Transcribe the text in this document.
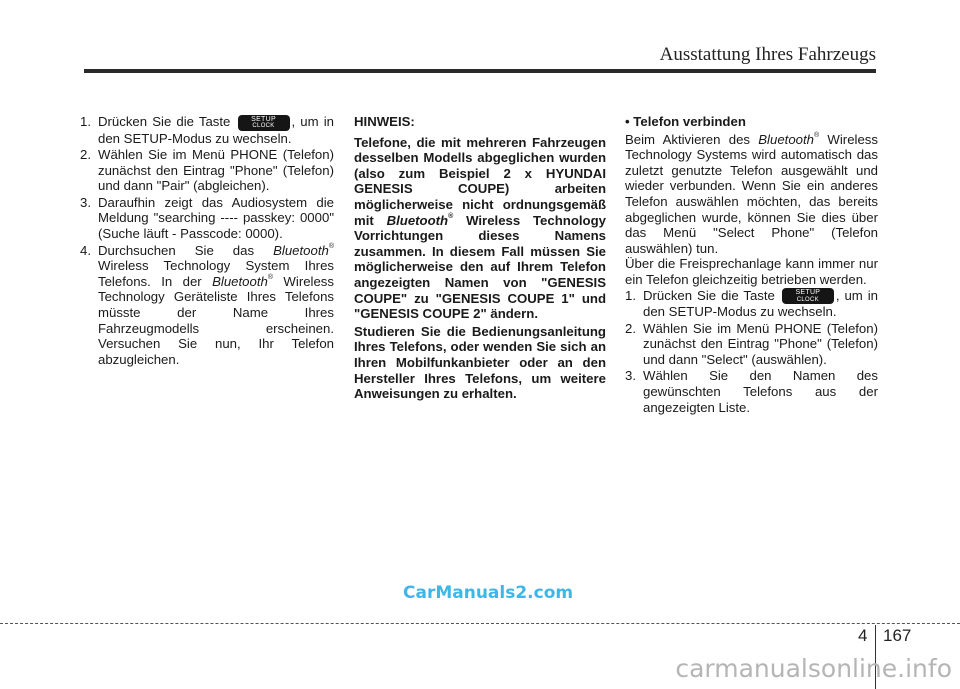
Ausstattung Ihres Fahrzeugs
1. Drücken Sie die Taste	SETUP
CLOCK	, um in den SETUP-Modus zu wechseln.
2. Wählen Sie im Menü PHONE (Telefon) zunächst den Eintrag "Phone" (Telefon) und dann "Pair" (abgleichen).
3. Daraufhin zeigt das Audiosystem die Meldung "searching ---- passkey: 0000" (Suche läuft - Passcode: 0000).
4. Durchsuchen Sie das Bluetooth® Wireless Technology System Ihres Telefons. In der Bluetooth® Wireless Technology Geräteliste Ihres Telefons müsste der Name Ihres Fahrzeugmodells erscheinen. Versuchen Sie nun, Ihr Telefon abzugleichen.
HINWEIS:

Telefone, die mit mehreren Fahrzeugen desselben Modells abgeglichen wurden (also zum Beispiel 2 x HYUNDAI GENESIS COUPE) arbeiten möglicherweise nicht ordnungsgemäß mit Bluetooth® Wireless Technology Vorrichtungen dieses Namens zusammen. In diesem Fall müssen Sie möglicherweise den auf Ihrem Telefon angezeigten Namen von "GENESIS COUPE" zu "GENESIS COUPE 1" und "GENESIS COUPE 2" ändern.

Studieren Sie die Bedienungsanleitung Ihres Telefons, oder wenden Sie sich an Ihren Mobilfunkanbieter oder an den Hersteller Ihres Telefons, um weitere Anweisungen zu erhalten.

• Telefon verbinden

Beim Aktivieren des Bluetooth® Wireless Technology Systems wird automatisch das zuletzt genutzte Telefon ausgewählt und wieder verbunden. Wenn Sie ein anderes Telefon auswählen möchten, das bereits abgeglichen wurde, können Sie dies über das Menü "Select Phone" (Telefon auswählen) tun.

Über die Freisprechanlage kann immer nur ein Telefon gleichzeitig betrieben werden.

1. Drücken Sie die Taste	SETUP
CLOCK	, um in den SETUP-Modus zu wechseln.
2. Wählen Sie im Menü PHONE (Telefon) zunächst den Eintrag "Phone" (Telefon) und dann "Select" (auswählen).
3. Wählen Sie den Namen des gewünschten Telefons aus der angezeigten Liste.
CarManuals2.com
4 167
carmanualsonline.info
